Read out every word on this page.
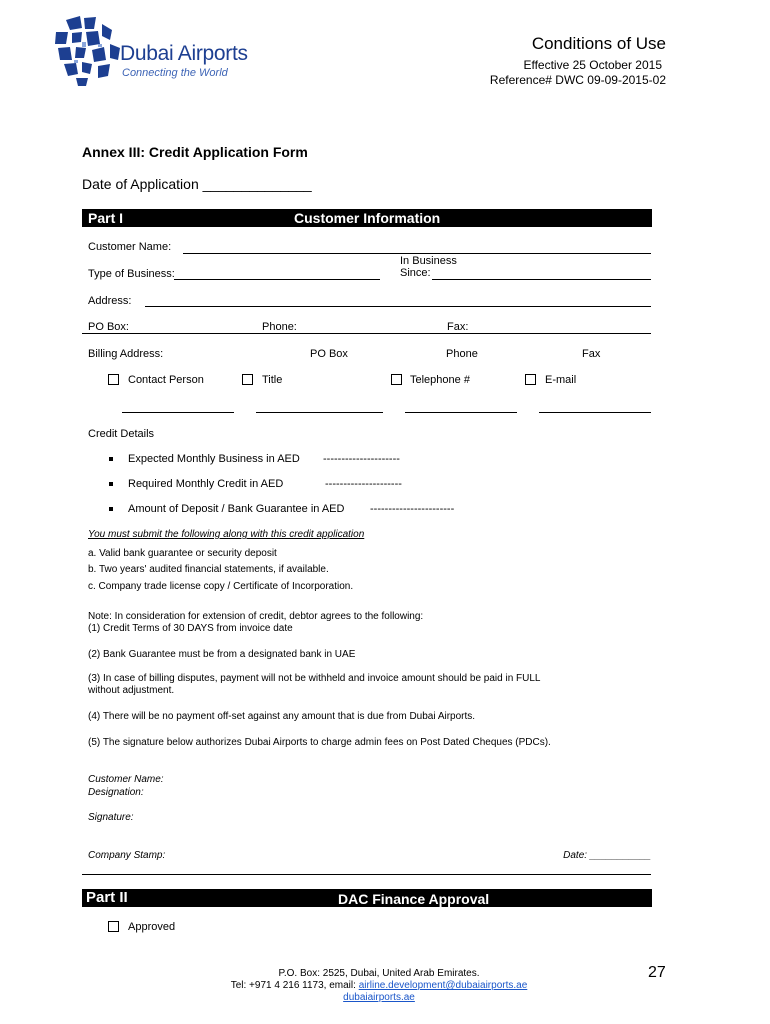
Dubai Airports
Connecting the World
Conditions of Use
Effective 25 October 2015
Reference# DWC 09-09-2015-02
Annex III: Credit Application Form
Date of Application ______________
Part I	Customer Information
Customer Name:
Type of Business:
In Business
Since:
Address:
PO Box:	Phone:	Fax:
Billing Address:	PO Box	Phone	Fax
Contact Person	Title	Telephone #	E-mail
Credit Details
Expected Monthly Business in AED ---------------------
Required Monthly Credit in AED	---------------------
Amount of Deposit / Bank Guarantee in AED -----------------------
You must submit the following along with this credit application
a. Valid bank guarantee or security deposit
b. Two years' audited financial statements, if available.
c. Company trade license copy / Certificate of Incorporation.
Note: In consideration for extension of credit, debtor agrees to the following:
(1) Credit Terms of 30 DAYS from invoice date
(2) Bank Guarantee must be from a designated bank in UAE
(3) In case of billing disputes, payment will not be withheld and invoice amount should be paid in FULL
without adjustment.
(4) There will be no payment off-set against any amount that is due from Dubai Airports.
(5) The signature below authorizes Dubai Airports to charge admin fees on Post Dated Cheques (PDCs).
Customer Name:
Designation:
Signature:
Company Stamp:	Date: ___________
Part II	DAC Finance Approval
Approved
P.O. Box: 2525, Dubai, United Arab Emirates.
Tel: +971 4 216 1173, email: airline.development@dubaiairports.ae
dubaiairports.ae
27
